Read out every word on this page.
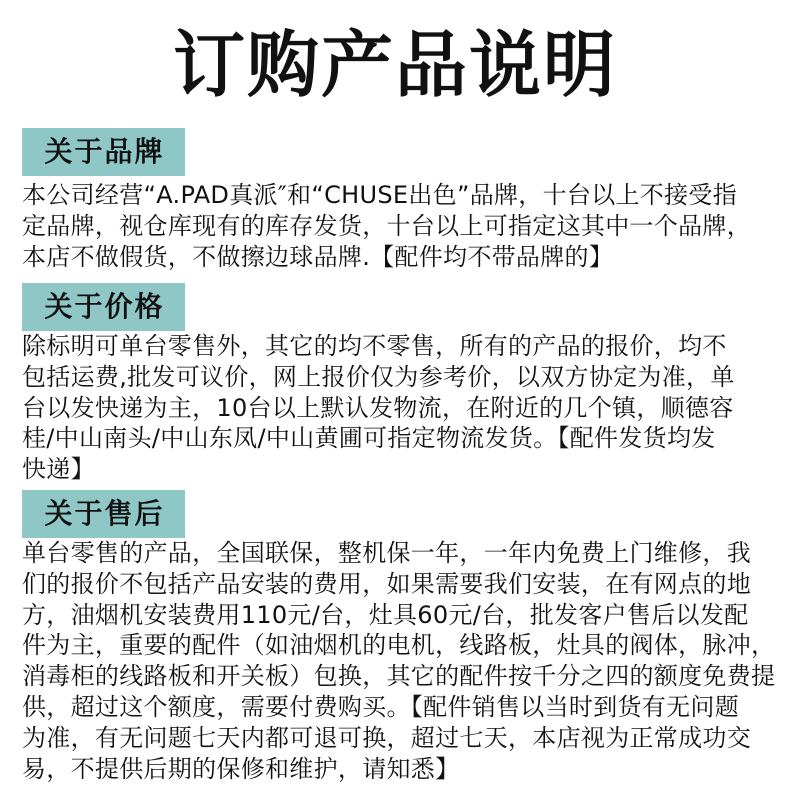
订购产品说明
关于品牌
本公司经营“A.PAD真派″和“CHUSE出色”品牌，十台以上不接受指
定品牌，视仓库现有的库存发货，十台以上可指定这其中一个品牌，
本店不做假货，不做擦边球品牌.【配件均不带品牌的】
关于价格
除标明可单台零售外，其它的均不零售，所有的产品的报价，均不
包括运费,批发可议价，网上报价仅为参考价，以双方协定为准，单
台以发快递为主，10台以上默认发物流，在附近的几个镇，顺德容
桂/中山南头/中山东凤/中山黄圃可指定物流发货。【配件发货均发
快递】
关于售后
单台零售的产品，全国联保，整机保一年，一年内免费上门维修，我
们的报价不包括产品安装的费用，如果需要我们安装，在有网点的地
方，油烟机安装费用110元/台，灶具60元/台，批发客户售后以发配
件为主，重要的配件（如油烟机的电机，线路板，灶具的阀体，脉冲，
消毒柜的线路板和开关板）包换，其它的配件按千分之四的额度免费提
供，超过这个额度，需要付费购买。【配件销售以当时到货有无问题
为准，有无问题七天内都可退可换，超过七天，本店视为正常成功交
易，不提供后期的保修和维护，请知悉】
